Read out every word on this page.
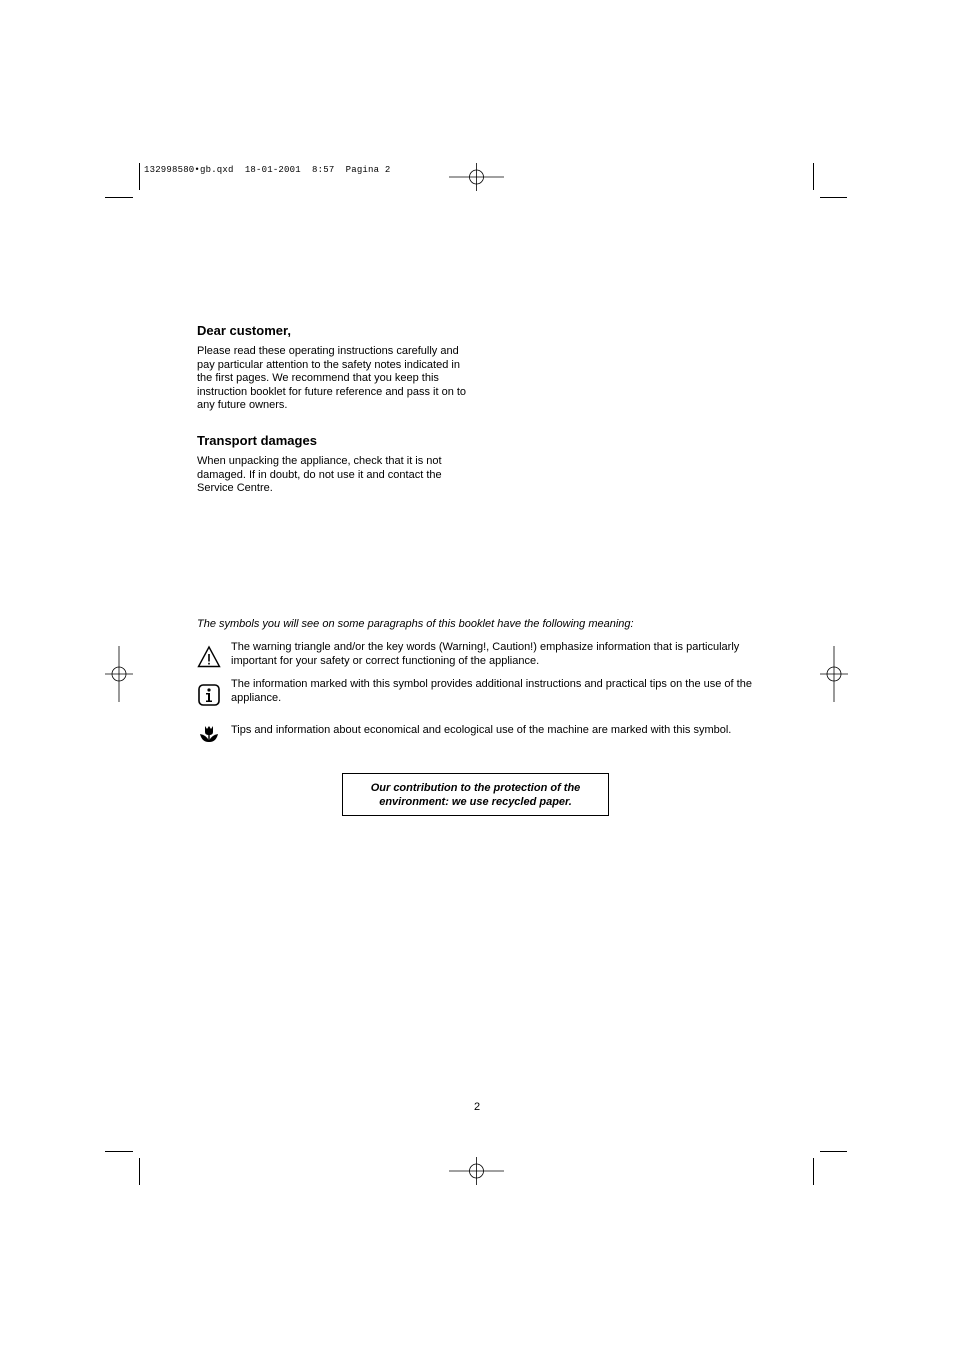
132998580•gb.qxd  18-01-2001  8:57  Pagina 2
Dear customer,

Please read these operating instructions carefully and pay particular attention to the safety notes indicated in the first pages. We recommend that you keep this instruction booklet for future reference and pass it on to any future owners.

Transport damages

When unpacking the appliance, check that it is not damaged. If in doubt, do not use it and contact the Service Centre.

The symbols you will see on some paragraphs of this booklet have the following meaning:

The warning triangle and/or the key words (Warning!, Caution!) emphasize information that is particularly important for your safety or correct functioning of the appliance.

The information marked with this symbol provides additional instructions and practical tips on the use of the appliance.

Tips and information about economical and ecological use of the machine are marked with this symbol.

Our contribution to the protection of the environment: we use recycled paper.

2
